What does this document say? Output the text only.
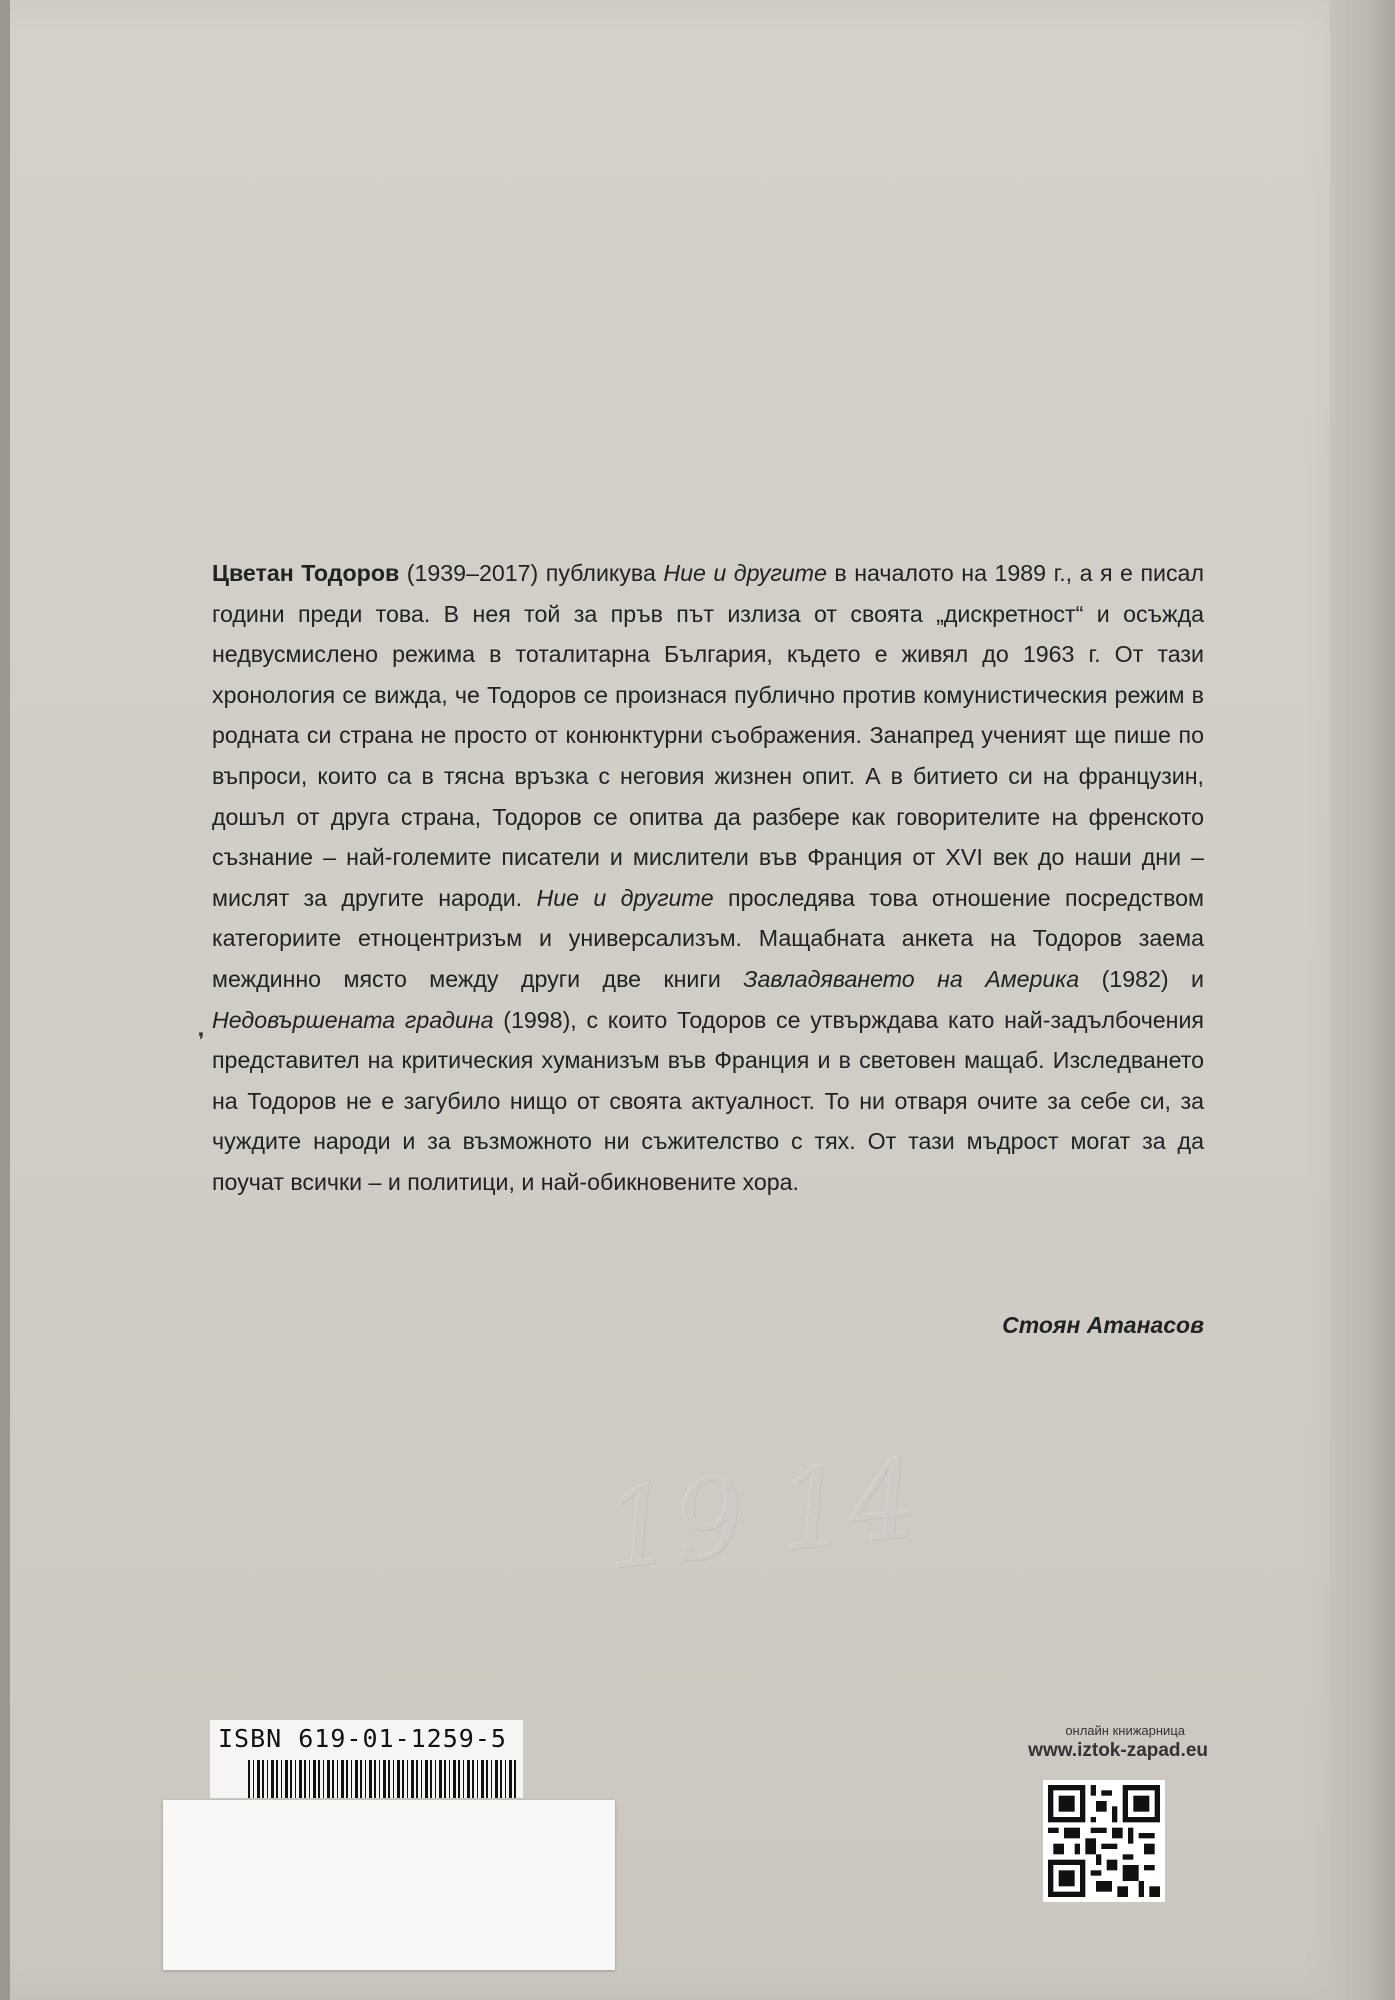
Цветан Тодоров (1939–2017) публикува Ние и другите в началото на 1989 г., а я е писал години преди това. В нея той за пръв път излиза от своята „дискретност“ и осъжда недвусмислено режима в тоталитарна България, където е живял до 1963 г. От тази хронология се вижда, че Тодоров се произнася публично против комунистическия режим в родната си страна не просто от конюнктурни съображения. Занапред ученият ще пише по въпроси, които са в тясна връзка с неговия жизнен опит. А в битието си на французин, дошъл от друга страна, Тодоров се опитва да разбере как говорителите на френското съзнание – най-големите писатели и мислители във Франция от XVI век до наши дни – мислят за другите народи. Ние и другите проследява това отношение посредством категориите етноцентризъм и универсализъм. Мащабната анкета на Тодоров заема междинно място между други две книги Завладяването на Америка (1982) и Недовършената градина (1998), с които Тодоров се утвърждава като най-задълбочения представител на критическия хуманизъм във Франция и в световен мащаб. Изследването на Тодоров не е загубило нищо от своята актуалност. То ни отваря очите за себе си, за чуждите народи и за възможното ни съжителство с тях. От тази мъдрост могат за да поучат всички – и политици, и най-обикновените хора.
❜
Стоян Атанасов
19 14
ISBN 619-01-1259-5	онлайн книжарница
www.iztok-zapad.eu
